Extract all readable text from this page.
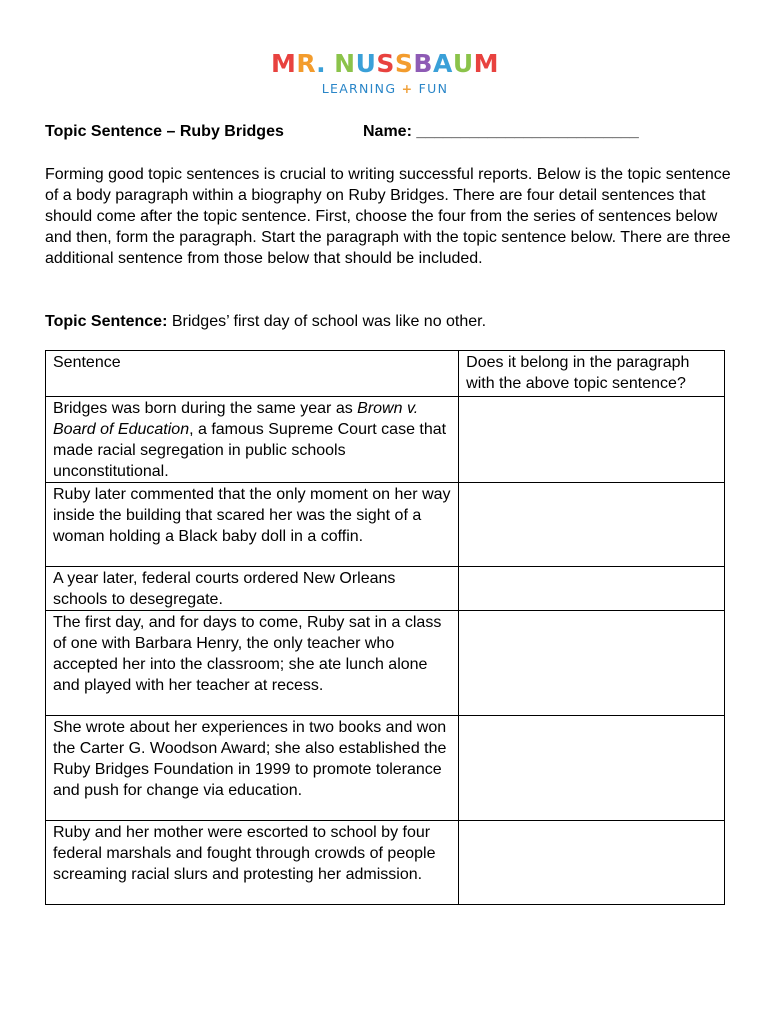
MR. NUSSBAUM
LEARNING + FUN
Topic Sentence – Ruby Bridges	Name: _________________________

Forming good topic sentences is crucial to writing successful reports. Below is the topic sentence of a body paragraph within a biography on Ruby Bridges. There are four detail sentences that should come after the topic sentence. First, choose the four from the series of sentences below and then, form the paragraph. Start the paragraph with the topic sentence below. There are three additional sentence from those below that should be included.

Topic Sentence: Bridges’ first day of school was like no other.

Sentence	Does it belong in the paragraph with the above topic sentence?
Bridges was born during the same year as Brown v. Board of Education, a famous Supreme Court case that made racial segregation in public schools unconstitutional.	
Ruby later commented that the only moment on her way inside the building that scared her was the sight of a woman holding a Black baby doll in a coffin.	
A year later, federal courts ordered New Orleans schools to desegregate.	
The first day, and for days to come, Ruby sat in a class of one with Barbara Henry, the only teacher who accepted her into the classroom; she ate lunch alone and played with her teacher at recess.	
She wrote about her experiences in two books and won the Carter G. Woodson Award; she also established the Ruby Bridges Foundation in 1999 to promote tolerance and push for change via education.	
Ruby and her mother were escorted to school by four federal marshals and fought through crowds of people screaming racial slurs and protesting her admission.	
